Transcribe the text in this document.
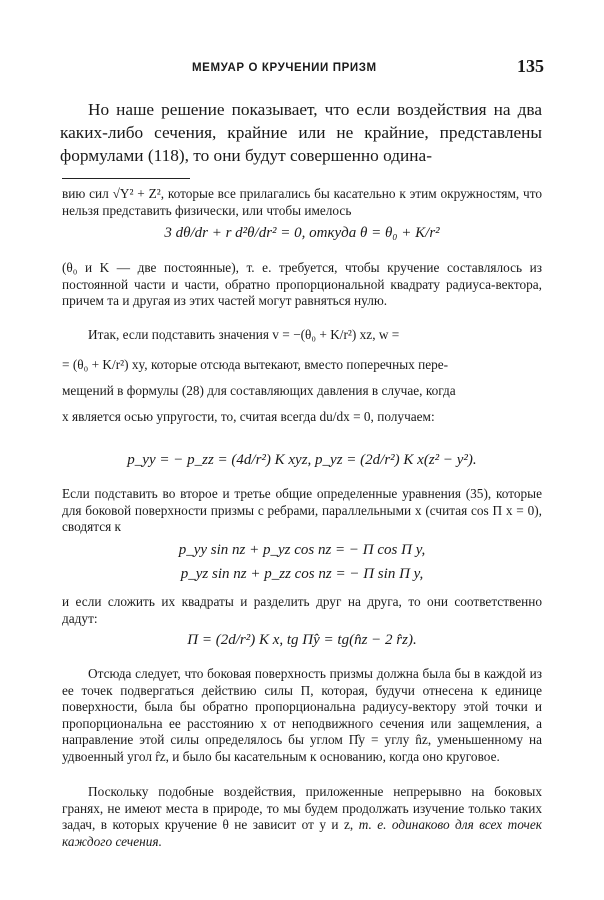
МЕМУАР О КРУЧЕНИИ ПРИЗМ	135

Но наше решение показывает, что если воздействия на два каких-либо сечения, крайние или не крайние, представлены формулами (118), то они будут совершенно одина-

вию сил √Y² + Z², которые все прилагались бы касательно к этим окружностям, что нельзя представить физически, или чтобы имелось

3 dθ/dr + r d²θ/dr² = 0, откуда θ = θ₀ + K/r²

(θ₀ и K — две постоянные), т. е. требуется, чтобы кручение составлялось из постоянной части и части, обратно пропорциональной квадрату радиуса-вектора, причем та и другая из этих частей могут равняться нулю.

Итак, если подставить значения v = −(θ₀ + K/r²) xz, w =
= (θ₀ + K/r²) xy, которые отсюда вытекают, вместо поперечных пере-
мещений в формулы (28) для составляющих давления в случае, когда
x является осью упругости, то, считая всегда du/dx = 0, получаем:
p_yy = − p_zz = (4d/r²) K xyz, p_yz = (2d/r²) K x(z² − y²).

Если подставить во второе и третье общие определенные уравнения (35), которые для боковой поверхности призмы с ребрами, параллельными x (считая cos Π x = 0), сводятся к

p_yy sin nz + p_yz cos nz = − Π cos Π y,
p_yz sin nz + p_zz cos nz = − Π sin Π y,

и если сложить их квадраты и разделить друг на друга, то они соответственно дадут:

Π = (2d/r²) K x, tg Π̂y = tg(n̂z − 2 r̂z).

Отсюда следует, что боковая поверхность призмы должна была бы в каждой из ее точек подвергаться действию силы Π, которая, будучи отнесена к единице поверхности, была бы обратно пропорциональна радиусу-вектору этой точки и пропорциональна ее расстоянию x от неподвижного сечения или защемления, а направление этой силы определялось бы углом Π̂y = углу n̂z, уменьшенному на удвоенный угол r̂z, и было бы касательным к основанию, когда оно круговое.

Поскольку подобные воздействия, приложенные непрерывно на боковых гранях, не имеют места в природе, то мы будем продолжать изучение только таких задач, в которых кручение θ не зависит от y и z, т. е. одинаково для всех точек каждого сечения.
